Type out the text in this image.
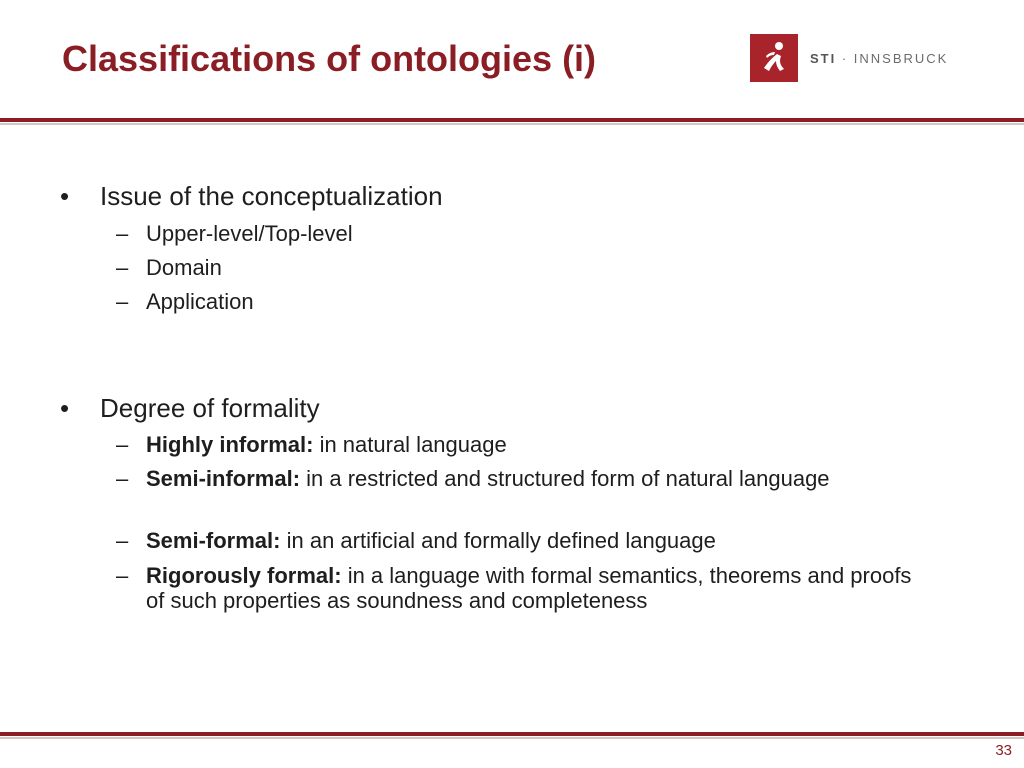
Classifications of ontologies (i)	STI · INNSBRUCK
• Issue of the conceptualization
– Upper-level/Top-level
– Domain
– Application
• Degree of formality
– Highly informal: in natural language
– Semi-informal: in a restricted and structured form of natural language
– Semi-formal: in an artificial and formally defined language
– Rigorously formal: in a language with formal semantics, theorems and proofs of such properties as soundness and completeness
33
